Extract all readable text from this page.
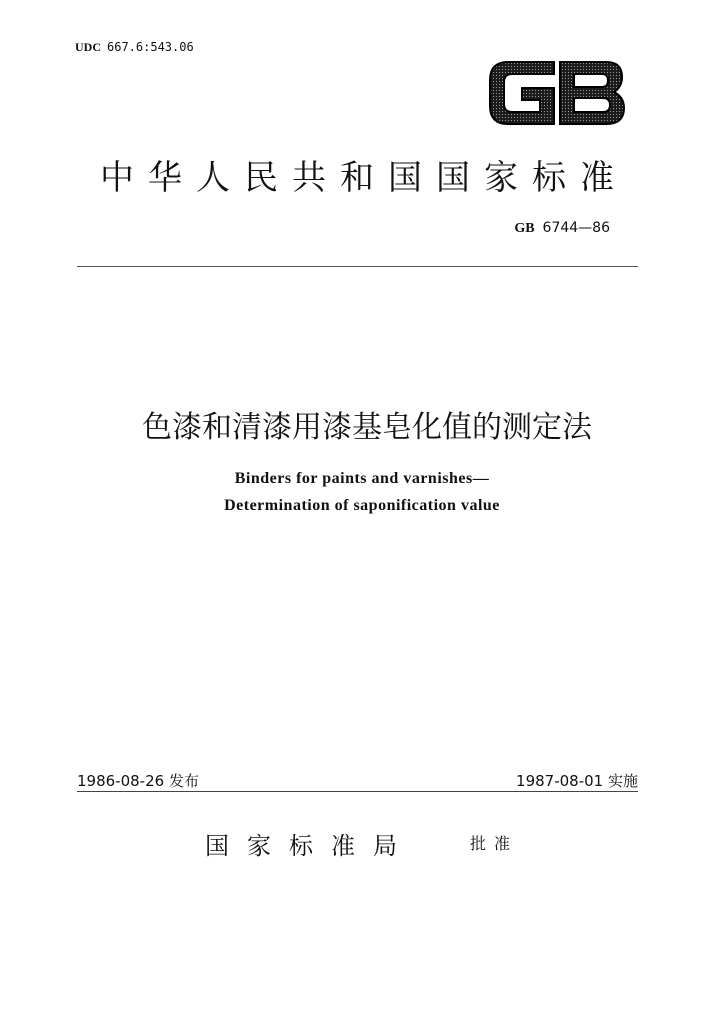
UDC 667.6:543.06
GB
中华人民共和国国家标准
GB 6744—86
色漆和清漆用漆基皂化值的测定法
Binders for paints and varnishes—
Determination of saponification value
1986-08-26 发布	1987-08-01 实施
国家标准局	批准
